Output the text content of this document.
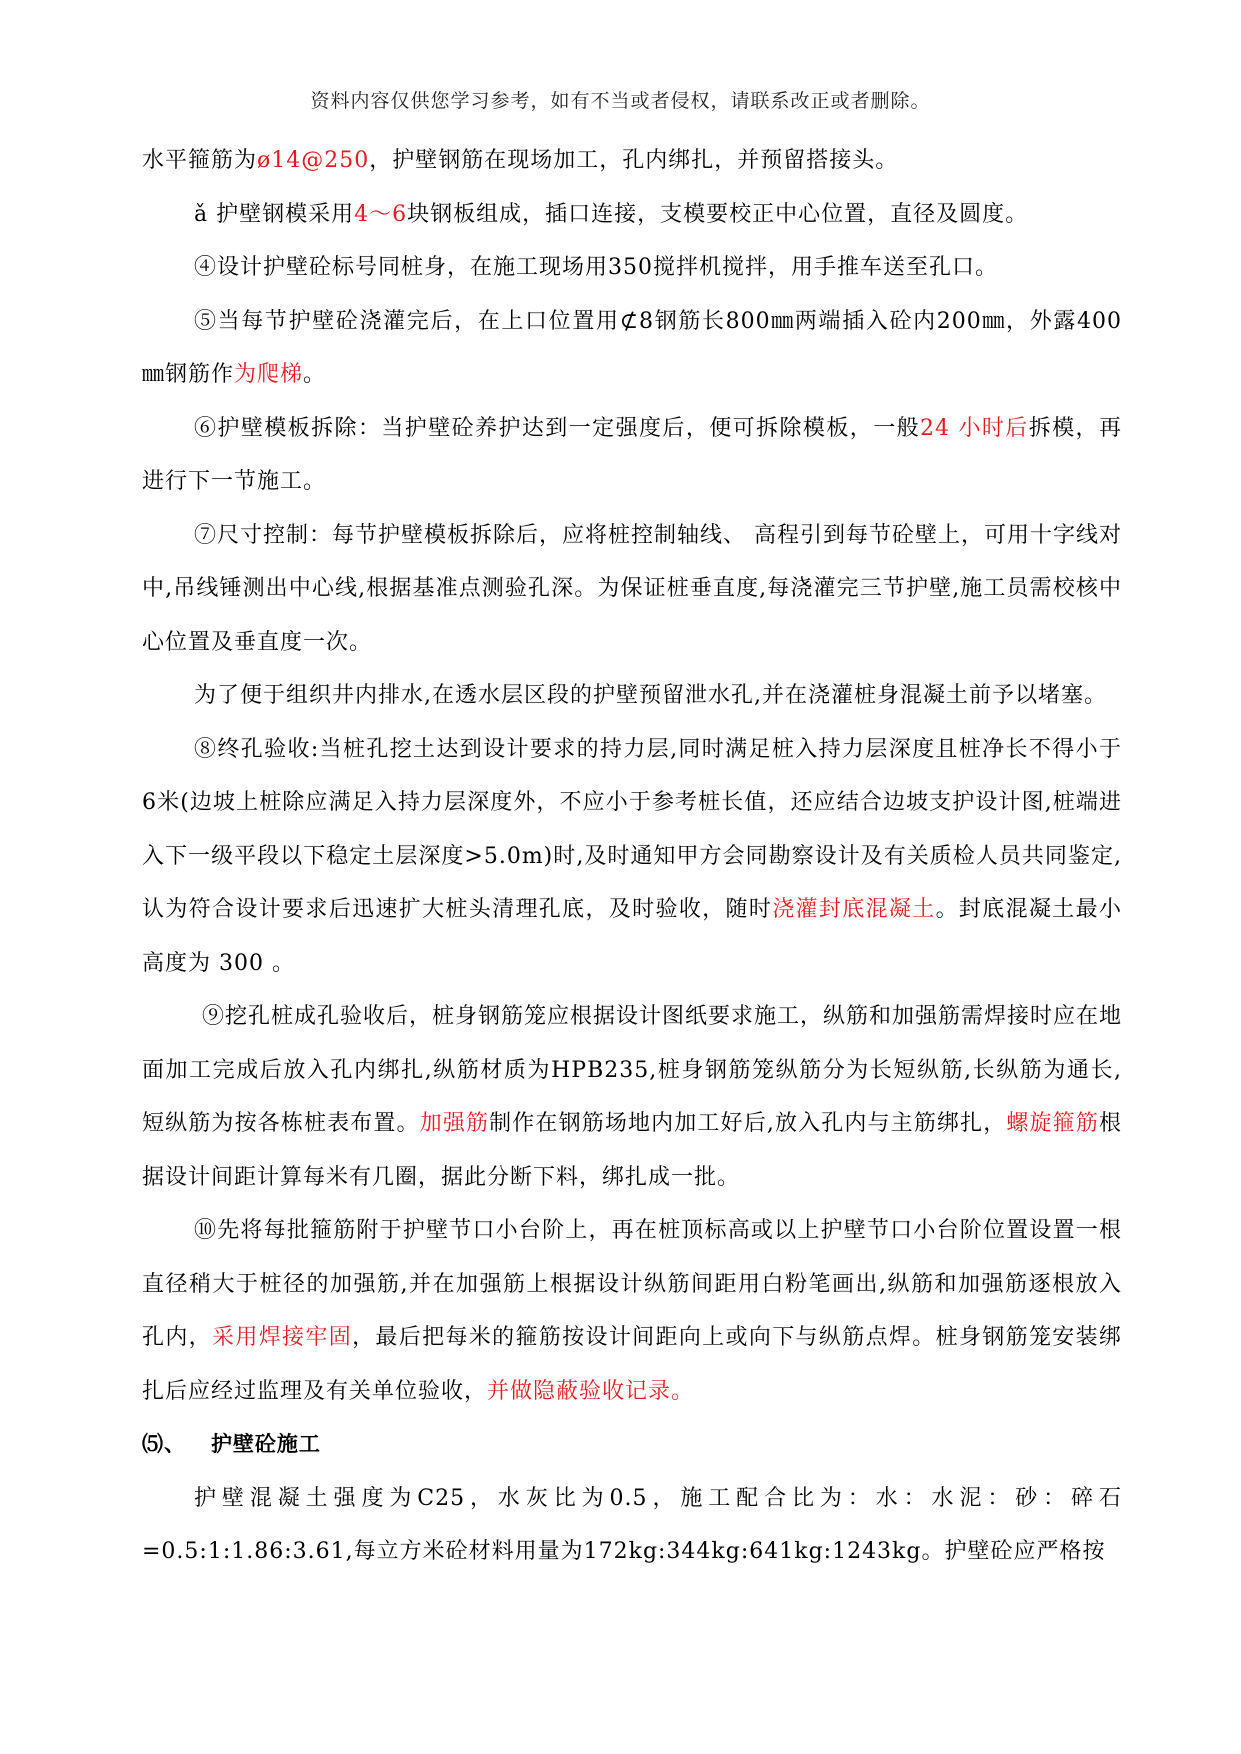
资料内容仅供您学习参考，如有不当或者侵权，请联系改正或者删除。

水平箍筋为ø14@250，护壁钢筋在现场加工，孔内绑扎，并预留搭接头。

ǎ 护壁钢模采用4～6块钢板组成，插口连接，支模要校正中心位置，直径及圆度。

④设计护壁砼标号同桩身，在施工现场用350搅拌机搅拌，用手推车送至孔口。

⑤当每节护壁砼浇灌完后，在上口位置用⊄8钢筋长800㎜两端插入砼内200㎜，外露400㎜钢筋作为爬梯。

⑥护壁模板拆除：当护壁砼养护达到一定强度后，便可拆除模板，一般24 小时后拆模，再进行下一节施工。

⑦尺寸控制：每节护壁模板拆除后，应将桩控制轴线、 高程引到每节砼壁上，可用十字线对中,吊线锤测出中心线,根据基准点测验孔深。为保证桩垂直度,每浇灌完三节护壁,施工员需校核中心位置及垂直度一次。

为了便于组织井内排水,在透水层区段的护壁预留泄水孔,并在浇灌桩身混凝土前予以堵塞。

⑧终孔验收:当桩孔挖土达到设计要求的持力层,同时满足桩入持力层深度且桩净长不得小于6米(边坡上桩除应满足入持力层深度外，不应小于参考桩长值，还应结合边坡支护设计图,桩端进入下一级平段以下稳定土层深度>5.0m)时,及时通知甲方会同勘察设计及有关质检人员共同鉴定,认为符合设计要求后迅速扩大桩头清理孔底，及时验收，随时浇灌封底混凝土。封底混凝土最小高度为 300 。

⑨挖孔桩成孔验收后，桩身钢筋笼应根据设计图纸要求施工，纵筋和加强筋需焊接时应在地面加工完成后放入孔内绑扎,纵筋材质为HPB235,桩身钢筋笼纵筋分为长短纵筋,长纵筋为通长,短纵筋为按各栋桩表布置。加强筋制作在钢筋场地内加工好后,放入孔内与主筋绑扎，螺旋箍筋根据设计间距计算每米有几圈，据此分断下料，绑扎成一批。

⑩先将每批箍筋附于护壁节口小台阶上，再在桩顶标高或以上护壁节口小台阶位置设置一根直径稍大于桩径的加强筋,并在加强筋上根据设计纵筋间距用白粉笔画出,纵筋和加强筋逐根放入孔内，采用焊接牢固，最后把每米的箍筋按设计间距向上或向下与纵筋点焊。桩身钢筋笼安装绑扎后应经过监理及有关单位验收，并做隐蔽验收记录。

⑸、 护壁砼施工

护壁混凝土强度为C25，水灰比为0.5，施工配合比为：水：水泥：砂：碎石=0.5:1:1.86:3.61,每立方米砼材料用量为172kg:344kg:641kg:1243kg。护壁砼应严格按
